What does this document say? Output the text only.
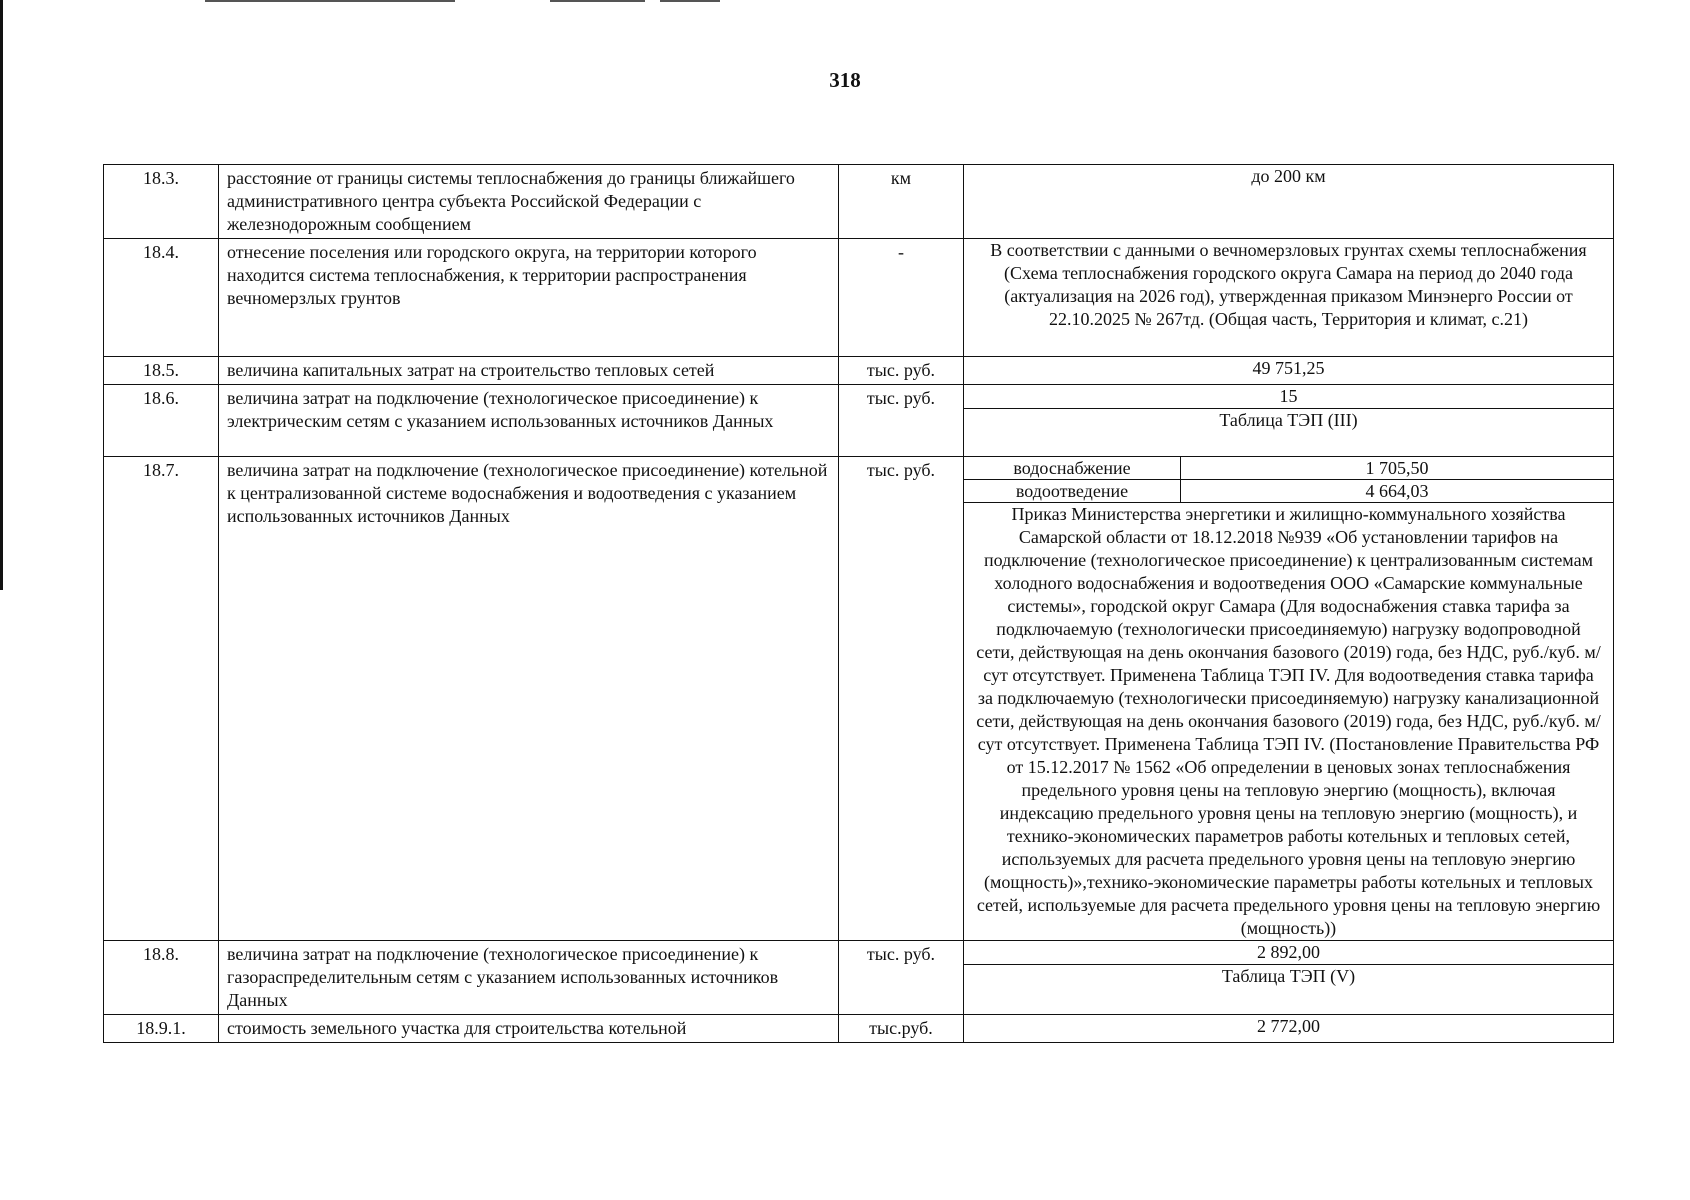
318
18.3.	расстояние от границы системы теплоснабжения до границы ближайшего административного центра субъекта Российской Федерации с железнодорожным сообщением	км	до 200 км

18.4.	отнесение поселения или городского округа, на территории которого находится система теплоснабжения, к территории распространения вечномерзлых грунтов	-	В соответствии с данными о вечномерзловых грунтах схемы теплоснабжения (Схема теплоснабжения городского округа Самара на период до 2040 года (актуализация на 2026 год), утвержденная приказом Минэнерго России от 22.10.2025 № 267тд. (Общая часть, Территория и климат, с.21)

18.5.	величина капитальных затрат на строительство тепловых сетей	тыс. руб.	49 751,25

18.6.	величина затрат на подключение (технологическое присоединение) к электрическим сетям с указанием использованных источников Данных	тыс. руб.	15
Таблица ТЭП (III)

18.7.	величина затрат на подключение (технологическое присоединение) котельной к централизованной системе водоснабжения и водоотведения с указанием использованных источников Данных	тыс. руб.		водоснабжение	1 705,50
водоотведение	4 664,03
Приказ Министерства энергетики и жилищно-коммунального хозяйства Самарской области от 18.12.2018 №939 «Об установлении тарифов на подключение (технологическое присоединение) к централизованным системам холодного водоснабжения и водоотведения ООО «Самарские коммунальные системы», городской округ Самара (Для водоснабжения ставка тарифа за подключаемую (технологически присоединяемую) нагрузку водопроводной сети, действующая на день окончания базового (2019) года, без НДС, руб./куб. м/сут отсутствует. Применена Таблица ТЭП IV. Для водоотведения ставка тарифа за подключаемую (технологически присоединяемую) нагрузку канализационной сети, действующая на день окончания базового (2019) года, без НДС, руб./куб. м/сут отсутствует. Применена Таблица ТЭП IV. (Постановление Правительства РФ от 15.12.2017 № 1562 «Об определении в ценовых зонах теплоснабжения предельного уровня цены на тепловую энергию (мощность), включая индексацию предельного уровня цены на тепловую энергию (мощность), и технико-экономических параметров работы котельных и тепловых сетей, используемых для расчета предельного уровня цены на тепловую энергию (мощность)»,технико-экономические параметры работы котельных и тепловых сетей, используемые для расчета предельного уровня цены на тепловую энергию (мощность))

18.8.	величина затрат на подключение (технологическое присоединение) к газораспределительным сетям с указанием использованных источников Данных	тыс. руб.	2 892,00
Таблица ТЭП (V)

18.9.1.	стоимость земельного участка для строительства котельной	тыс.руб.	2 772,00
